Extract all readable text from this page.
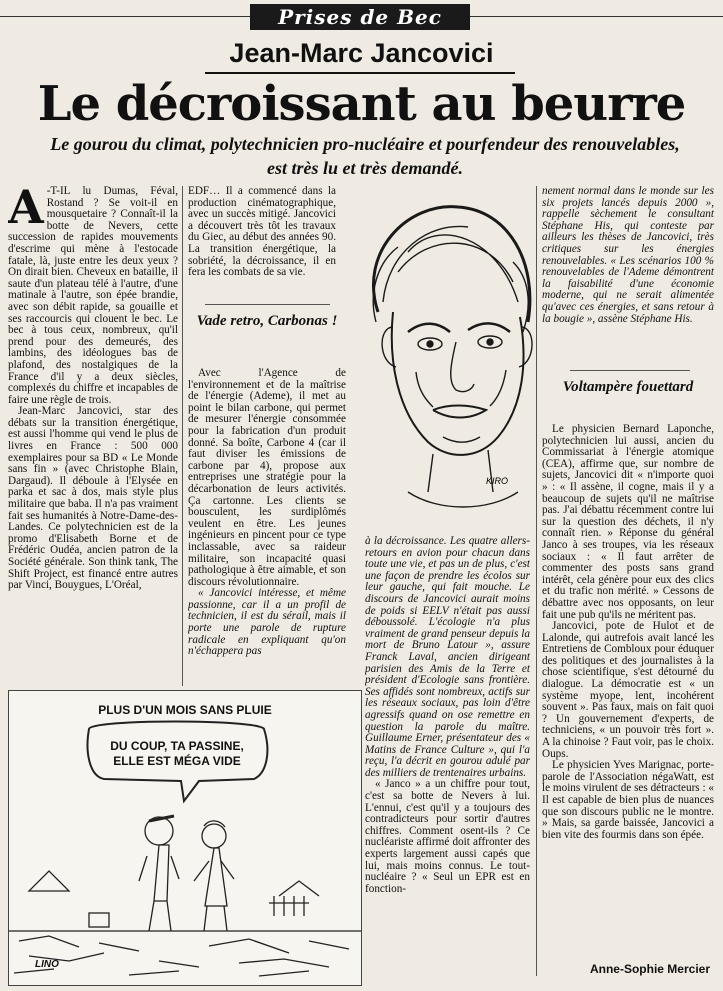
Prises de Bec
Jean-Marc Jancovici
Le décroissant au beurre
Le gourou du climat, polytechnicien pro-nucléaire et pourfendeur des renouvelables, est très lu et très demandé.

A -T-IL lu Dumas, Féval, Rostand ? Se voit-il en mousquetaire ? Connaît-il la botte de Nevers, cette succession de rapides mouvements d'escrime qui mène à l'estocade fatale, là, juste entre les deux yeux ? On dirait bien. Cheveux en bataille, il saute d'un plateau télé à l'autre, d'une matinale à l'autre, son épée brandie, avec son débit rapide, sa gouaille et ses raccourcis qui clouent le bec. Le bec à tous ceux, nombreux, qu'il prend pour des demeurés, des lambins, des idéologues bas de plafond, des nostalgiques de la France d'il y a deux siècles, complexés du chiffre et incapables de faire une règle de trois.

Jean-Marc Jancovici, star des débats sur la transition énergétique, est aussi l'homme qui vend le plus de livres en France : 500 000 exemplaires pour sa BD « Le Monde sans fin » (avec Christophe Blain, Dargaud). Il déboule à l'Elysée en parka et sac à dos, mais style plus militaire que baba. Il n'a pas vraiment fait ses humanités à Notre-Dame-des-Landes. Ce polytechnicien est de la promo d'Elisabeth Borne et de Frédéric Oudéa, ancien patron de la Société générale. Son think tank, The Shift Project, est financé entre autres par Vinci, Bouygues, L'Oréal,

EDF… Il a commencé dans la production cinématographique, avec un succès mitigé. Jancovici a découvert très tôt les travaux du Giec, au début des années 90. La transition énergétique, la sobriété, la décroissance, il en fera les combats de sa vie.

Vade retro, Carbonas !

Avec l'Agence de l'environnement et de la maîtrise de l'énergie (Ademe), il met au point le bilan carbone, qui permet de mesurer l'énergie consommée pour la fabrication d'un produit donné. Sa boîte, Carbone 4 (car il faut diviser les émissions de carbone par 4), propose aux entreprises une stratégie pour la décarbonation de leurs activités. Ça cartonne. Les clients se bousculent, les surdiplômés veulent en être. Les jeunes ingénieurs en pincent pour ce type inclassable, avec sa raideur militaire, son incapacité quasi pathologique à être aimable, et son discours révolutionnaire.

« Jancovici intéresse, et même passionne, car il a un profil de technicien, il est du sérail, mais il porte une parole de rupture radicale en expliquant qu'on n'échappera pas

KIRO

à la décroissance. Les quatre allers-retours en avion pour chacun dans toute une vie, et pas un de plus, c'est une façon de prendre les écolos sur leur gauche, qui fait mouche. Le discours de Jancovici aurait moins de poids si EELV n'était pas aussi déboussolé. L'écologie n'a plus vraiment de grand penseur depuis la mort de Bruno Latour », assure Franck Laval, ancien dirigeant parisien des Amis de la Terre et président d'Ecologie sans frontière. Ses affidés sont nombreux, actifs sur les réseaux sociaux, pas loin d'être agressifs quand on ose remettre en question la parole du maître. Guillaume Erner, présentateur des « Matins de France Culture », qui l'a reçu, l'a décrit en gourou adulé par des milliers de trentenaires urbains.

« Janco » a un chiffre pour tout, c'est sa botte de Nevers à lui. L'ennui, c'est qu'il y a toujours des contradicteurs pour sortir d'autres chiffres. Comment osent-ils ? Ce nucléariste affirmé doit affronter des experts largement aussi capés que lui, mais moins connus. Le tout-nucléaire ? « Seul un EPR est en fonction-

nement normal dans le monde sur les six projets lancés depuis 2000 », rappelle sèchement le consultant Stéphane His, qui conteste par ailleurs les thèses de Jancovici, très critiques sur les énergies renouvelables. « Les scénarios 100 % renouvelables de l'Ademe démontrent la faisabilité d'une économie moderne, qui ne serait alimentée qu'avec ces énergies, et sans retour à la bougie », assène Stéphane His.

Voltampère fouettard

Le physicien Bernard Laponche, polytechnicien lui aussi, ancien du Commissariat à l'énergie atomique (CEA), affirme que, sur nombre de sujets, Jancovici dit « n'importe quoi » : « Il assène, il cogne, mais il y a beaucoup de sujets qu'il ne maîtrise pas. J'ai débattu récemment contre lui sur la question des déchets, il n'y connaît rien. » Réponse du général Janco à ses troupes, via les réseaux sociaux : « Il faut arrêter de commenter des posts sans grand intérêt, cela génère pour eux des clics et du trafic non mérité. » Cessons de débattre avec nos opposants, on leur fait une pub qu'ils ne méritent pas.

Jancovici, pote de Hulot et de Lalonde, qui autrefois avait lancé les Entretiens de Combloux pour éduquer des politiques et des journalistes à la chose scientifique, s'est détourné du dialogue. La démocratie est « un système myope, lent, incohérent souvent ». Pas faux, mais on fait quoi ? Un gouvernement d'experts, de techniciens, « un pouvoir très fort ». A la chinoise ? Faut voir, pas le choix. Oups.

Le physicien Yves Marignac, porte-parole de l'Association négaWatt, est le moins virulent de ses détracteurs : « Il est capable de bien plus de nuances que son discours public ne le montre. » Mais, sa garde baissée, Jancovici a bien vite des fourmis dans son épée.

PLUS D'UN MOIS SANS PLUIE
DU COUP, TA PASSINE, ELLE EST MÉGA VIDE
LINO	Anne-Sophie Mercier
